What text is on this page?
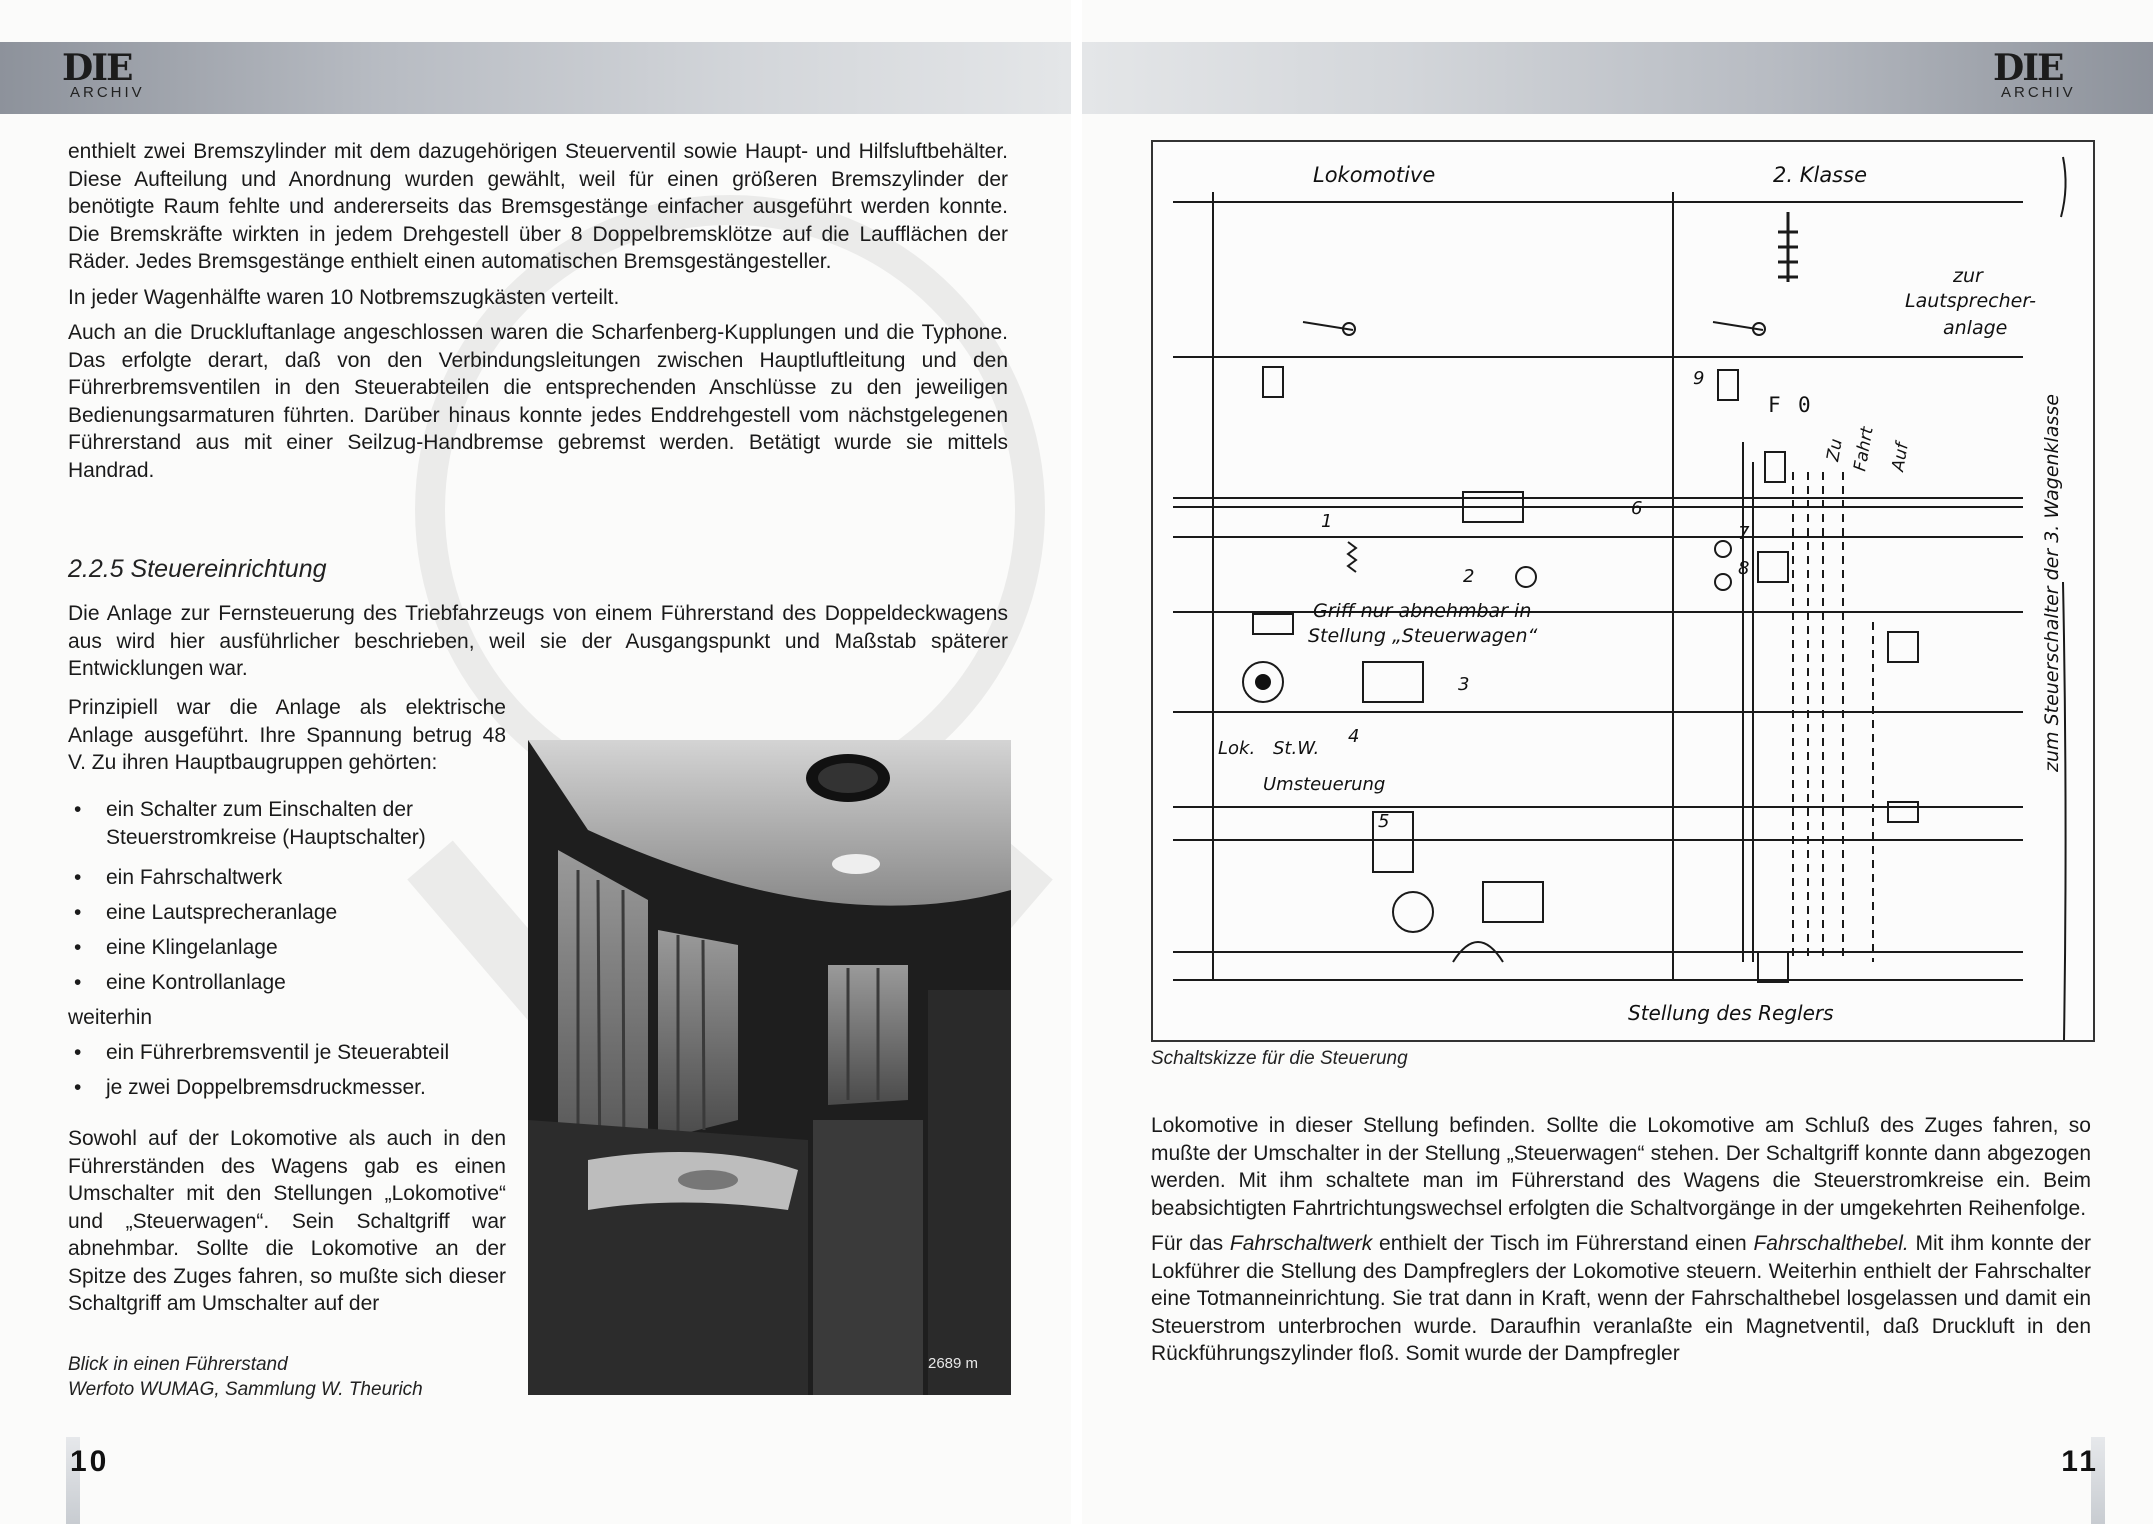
DIE
ARCHIV

enthielt zwei Bremszylinder mit dem dazugehörigen Steuerventil sowie Haupt- und Hilfsluftbehälter. Diese Aufteilung und Anordnung wurden gewählt, weil für einen größeren Bremszylinder der benötigte Raum fehlte und andererseits das Bremsgestänge einfacher ausgeführt werden konnte. Die Bremskräfte wirkten in jedem Drehgestell über 8 Doppelbremsklötze auf die Laufflächen der Räder. Jedes Bremsgestänge enthielt einen automatischen Bremsgestängesteller.

In jeder Wagenhälfte waren 10 Notbremszugkästen verteilt.

Auch an die Druckluftanlage angeschlossen waren die Scharfenberg-Kupplungen und die Typhone. Das erfolgte derart, daß von den Verbindungsleitungen zwischen Hauptluftleitung und den Führerbremsventilen in den Steuerabteilen die entsprechenden Anschlüsse zu den jeweiligen Bedienungsarmaturen führten. Darüber hinaus konnte jedes Enddrehgestell vom nächstgelegenen Führerstand aus mit einer Seilzug-Handbremse gebremst werden. Betätigt wurde sie mittels Handrad.

2.2.5 Steuereinrichtung

Die Anlage zur Fernsteuerung des Triebfahrzeugs von einem Führerstand des Doppeldeckwagens aus wird hier ausführlicher beschrieben, weil sie der Ausgangspunkt und Maßstab späterer Entwicklungen war.

Prinzipiell war die Anlage als elektrische Anlage ausgeführt. Ihre Spannung betrug 48 V. Zu ihren Hauptbaugruppen gehörten:
• ein Schalter zum Einschalten der Steuerstromkreise (Hauptschalter)
• ein Fahrschaltwerk
• eine Lautsprecheranlage
• eine Klingelanlage
• eine Kontrollanlage
weiterhin
• ein Führerbremsventil je Steuerabteil
• je zwei Doppelbremsdruckmesser.
Sowohl auf der Lokomotive als auch in den Führerständen des Wagens gab es einen Umschalter mit den Stellungen „Lokomotive“ und „Steuerwagen“. Sein Schaltgriff war abnehmbar. Sollte die Lokomotive an der Spitze des Zuges fahren, so mußte sich dieser Schaltgriff am Umschalter auf der
2689 m
Blick in einen Führerstand
Werfoto WUMAG, Sammlung W. Theurich
10
DIE
ARCHIV
Lokomotive	2. Klasse
zur
Lautsprecher-
anlage
9
F 0
Zu Fahrt Auf
1
6
7
2	8
Griff nur abnehmbar in
Stellung „Steuerwagen“
3
Lok. St.W.
4
Umsteuerung
5
Stellung des Reglers
zum Steuerschalter der 3. Wagenklasse
Schaltskizze für die Steuerung

Lokomotive in dieser Stellung befinden. Sollte die Lokomotive am Schluß des Zuges fahren, so mußte der Umschalter in der Stellung „Steuerwagen“ stehen. Der Schaltgriff konnte dann abgezogen werden. Mit ihm schaltete man im Führerstand des Wagens die Steuerstromkreise ein. Beim beabsichtigten Fahrtrichtungswechsel erfolgten die Schaltvorgänge in der umgekehrten Reihenfolge.

Für das Fahrschaltwerk enthielt der Tisch im Führerstand einen Fahrschalthebel. Mit ihm konnte der Lokführer die Stellung des Dampfreglers der Lokomotive steuern. Weiterhin enthielt der Fahrschalter eine Totmanneinrichtung. Sie trat dann in Kraft, wenn der Fahrschalthebel losgelassen und damit ein Steuerstrom unterbrochen wurde. Daraufhin veranlaßte ein Magnetventil, daß Druckluft in den Rückführungszylinder floß. Somit wurde der Dampfregler

11
